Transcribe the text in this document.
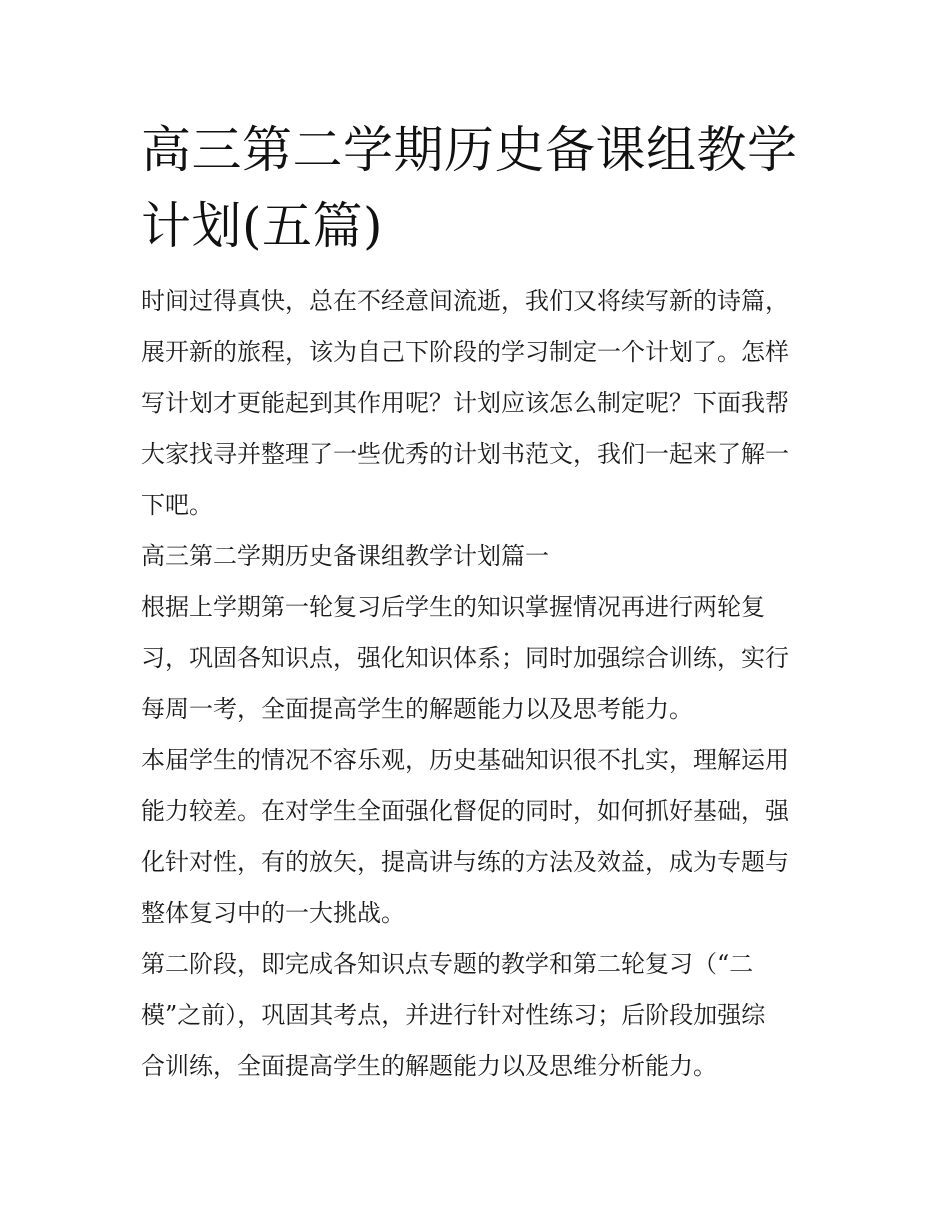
高三第二学期历史备课组教学
计划(五篇)
时间过得真快，总在不经意间流逝，我们又将续写新的诗篇，
展开新的旅程，该为自己下阶段的学习制定一个计划了。怎样
写计划才更能起到其作用呢？计划应该怎么制定呢？下面我帮
大家找寻并整理了一些优秀的计划书范文，我们一起来了解一
下吧。
高三第二学期历史备课组教学计划篇一
根据上学期第一轮复习后学生的知识掌握情况再进行两轮复
习，巩固各知识点，强化知识体系；同时加强综合训练，实行
每周一考，全面提高学生的解题能力以及思考能力。
本届学生的情况不容乐观，历史基础知识很不扎实，理解运用
能力较差。在对学生全面强化督促的同时，如何抓好基础，强
化针对性，有的放矢，提高讲与练的方法及效益，成为专题与
整体复习中的一大挑战。
第二阶段，即完成各知识点专题的教学和第二轮复习（“二
模”之前），巩固其考点，并进行针对性练习；后阶段加强综
合训练，全面提高学生的解题能力以及思维分析能力。
